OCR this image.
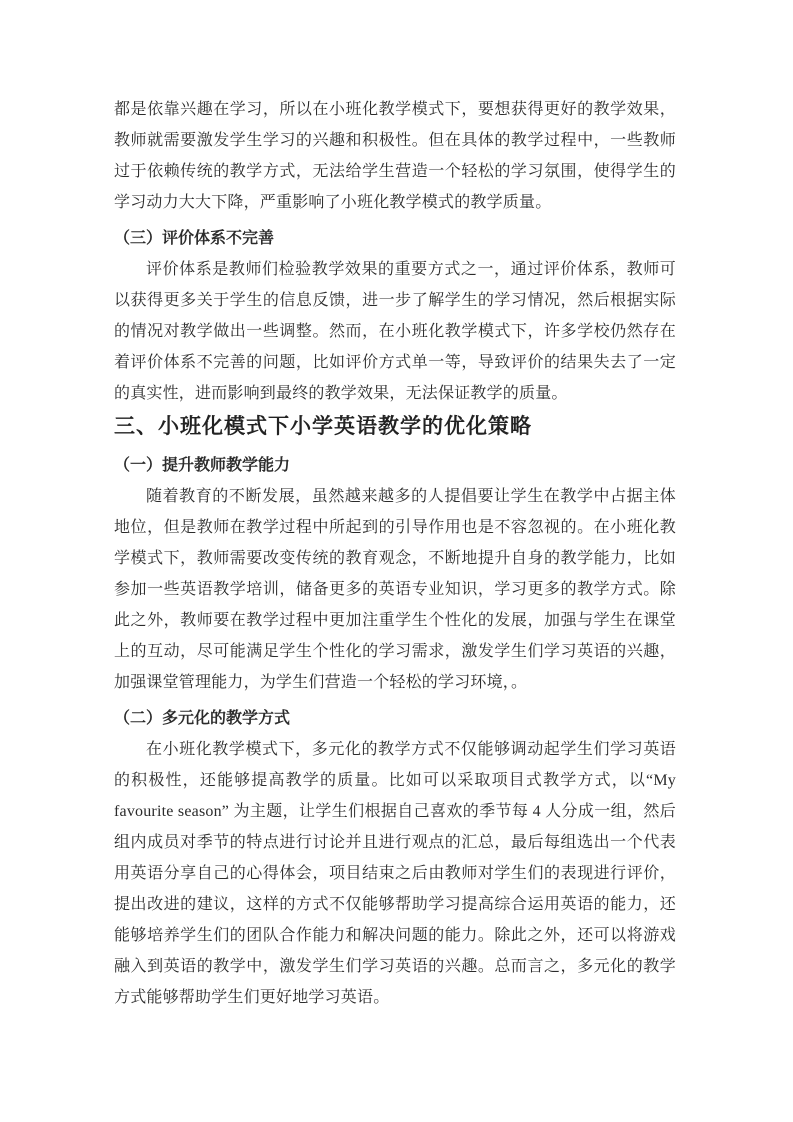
都是依靠兴趣在学习，所以在小班化教学模式下，要想获得更好的教学效果，教师就需要激发学生学习的兴趣和积极性。但在具体的教学过程中，一些教师过于依赖传统的教学方式，无法给学生营造一个轻松的学习氛围，使得学生的学习动力大大下降，严重影响了小班化教学模式的教学质量。

（三）评价体系不完善

评价体系是教师们检验教学效果的重要方式之一，通过评价体系，教师可以获得更多关于学生的信息反馈，进一步了解学生的学习情况，然后根据实际的情况对教学做出一些调整。然而，在小班化教学模式下，许多学校仍然存在着评价体系不完善的问题，比如评价方式单一等，导致评价的结果失去了一定的真实性，进而影响到最终的教学效果，无法保证教学的质量。

三、小班化模式下小学英语教学的优化策略
（一）提升教师教学能力

随着教育的不断发展，虽然越来越多的人提倡要让学生在教学中占据主体地位，但是教师在教学过程中所起到的引导作用也是不容忽视的。在小班化教学模式下，教师需要改变传统的教育观念，不断地提升自身的教学能力，比如参加一些英语教学培训，储备更多的英语专业知识，学习更多的教学方式。除此之外，教师要在教学过程中更加注重学生个性化的发展，加强与学生在课堂上的互动，尽可能满足学生个性化的学习需求，激发学生们学习英语的兴趣，加强课堂管理能力，为学生们营造一个轻松的学习环境，。

（二）多元化的教学方式

在小班化教学模式下，多元化的教学方式不仅能够调动起学生们学习英语的积极性，还能够提高教学的质量。比如可以采取项目式教学方式，以“My favourite season” 为主题，让学生们根据自己喜欢的季节每 4 人分成一组，然后组内成员对季节的特点进行讨论并且进行观点的汇总，最后每组选出一个代表用英语分享自己的心得体会，项目结束之后由教师对学生们的表现进行评价，提出改进的建议，这样的方式不仅能够帮助学习提高综合运用英语的能力，还能够培养学生们的团队合作能力和解决问题的能力。除此之外，还可以将游戏融入到英语的教学中，激发学生们学习英语的兴趣。总而言之，多元化的教学方式能够帮助学生们更好地学习英语。
